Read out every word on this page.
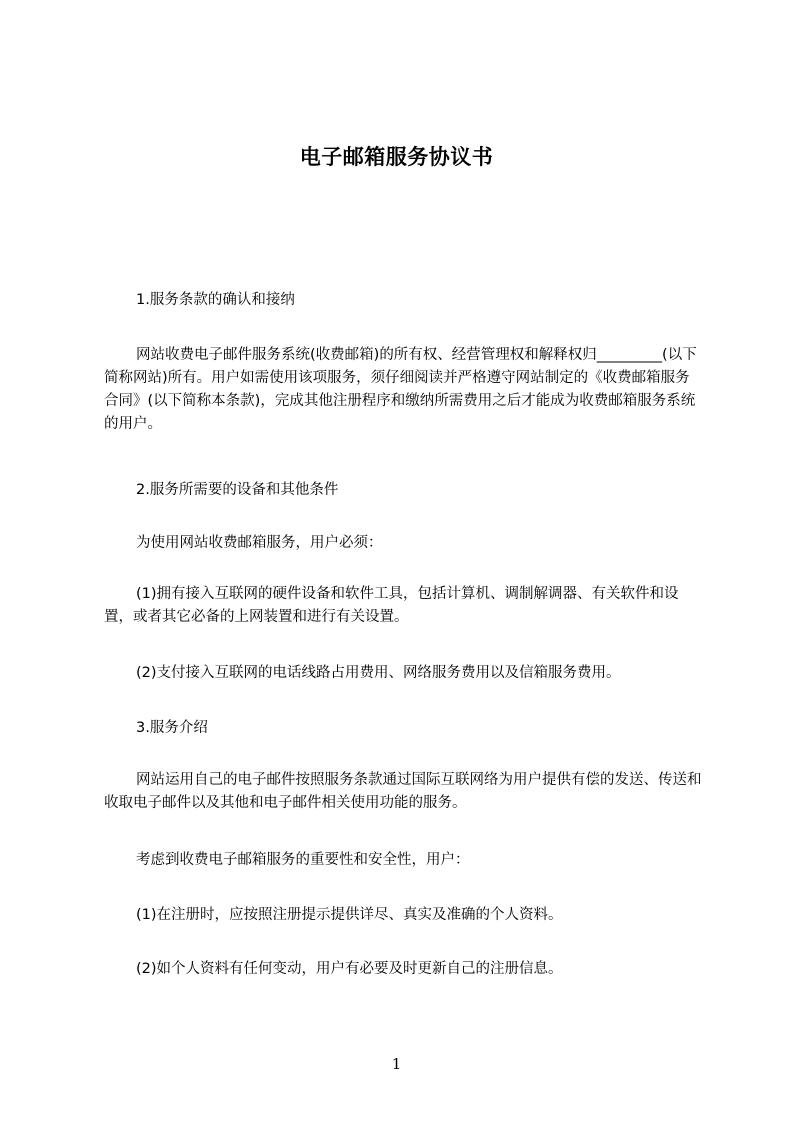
电子邮箱服务协议书
1.服务条款的确认和接纳
网站收费电子邮件服务系统(收费邮箱)的所有权、经营管理权和解释权归_________(以下简称网站)所有。用户如需使用该项服务，须仔细阅读并严格遵守网站制定的《收费邮箱服务合同》(以下简称本条款)，完成其他注册程序和缴纳所需费用之后才能成为收费邮箱服务系统的用户。
2.服务所需要的设备和其他条件
为使用网站收费邮箱服务，用户必须：
(1)拥有接入互联网的硬件设备和软件工具，包括计算机、调制解调器、有关软件和设置，或者其它必备的上网装置和进行有关设置。
(2)支付接入互联网的电话线路占用费用、网络服务费用以及信箱服务费用。
3.服务介绍
网站运用自己的电子邮件按照服务条款通过国际互联网络为用户提供有偿的发送、传送和收取电子邮件以及其他和电子邮件相关使用功能的服务。
考虑到收费电子邮箱服务的重要性和安全性，用户：
(1)在注册时，应按照注册提示提供详尽、真实及准确的个人资料。
(2)如个人资料有任何变动，用户有必要及时更新自己的注册信息。
1
